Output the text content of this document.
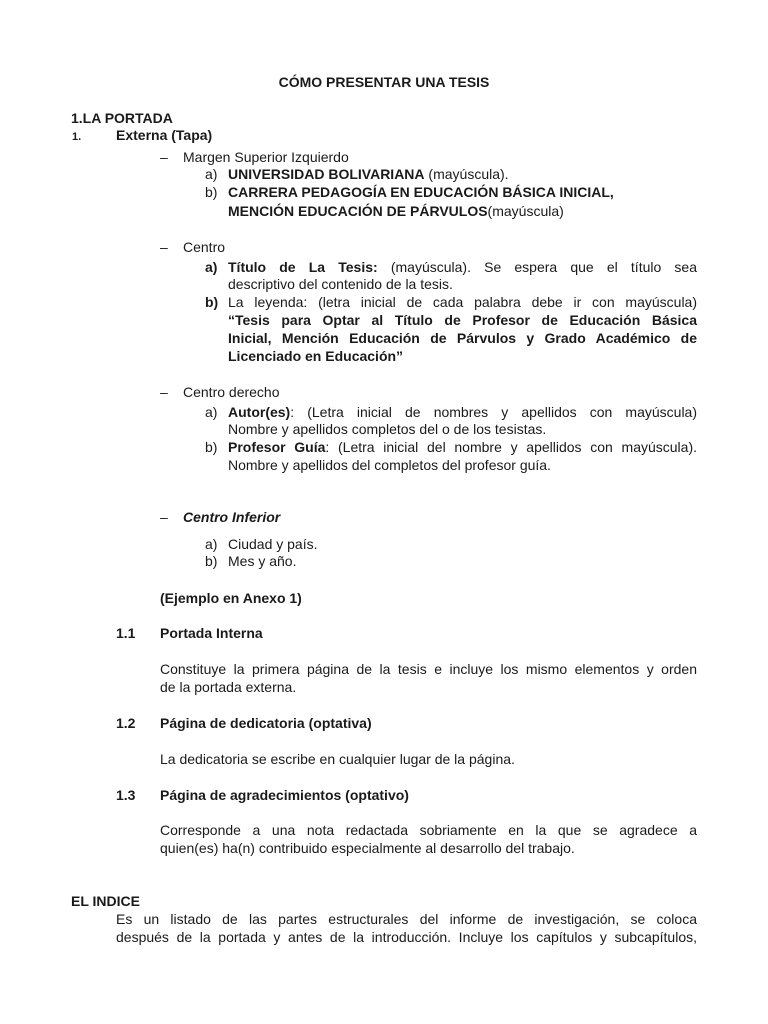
CÓMO PRESENTAR UNA TESIS
1.LA PORTADA
1. Externa (Tapa)
– Margen Superior Izquierdo
a) UNIVERSIDAD BOLIVARIANA (mayúscula).
b) CARRERA PEDAGOGÍA EN EDUCACIÓN BÁSICA INICIAL,
MENCIÓN EDUCACIÓN DE PÁRVULOS(mayúscula)
– Centro
a) Título de La Tesis: (mayúscula). Se espera que el título sea
descriptivo del contenido de la tesis.
b) La leyenda: (letra inicial de cada palabra debe ir con mayúscula)
“Tesis para Optar al Título de Profesor de Educación Básica
Inicial, Mención Educación de Párvulos y Grado Académico de
Licenciado en Educación”
– Centro derecho
a) Autor(es): (Letra inicial de nombres y apellidos con mayúscula)
Nombre y apellidos completos del o de los tesistas.
b) Profesor Guía: (Letra inicial del nombre y apellidos con mayúscula).
Nombre y apellidos del completos del profesor guía.
– Centro Inferior
a) Ciudad y país.
b) Mes y año.
(Ejemplo en Anexo 1)
1.1 Portada Interna
Constituye la primera página de la tesis e incluye los mismo elementos y orden
de la portada externa.
1.2 Página de dedicatoria (optativa)
La dedicatoria se escribe en cualquier lugar de la página.
1.3 Página de agradecimientos (optativo)
Corresponde a una nota redactada sobriamente en la que se agradece a
quien(es) ha(n) contribuido especialmente al desarrollo del trabajo.
EL INDICE
Es un listado de las partes estructurales del informe de investigación, se coloca
después de la portada y antes de la introducción. Incluye los capítulos y subcapítulos,
